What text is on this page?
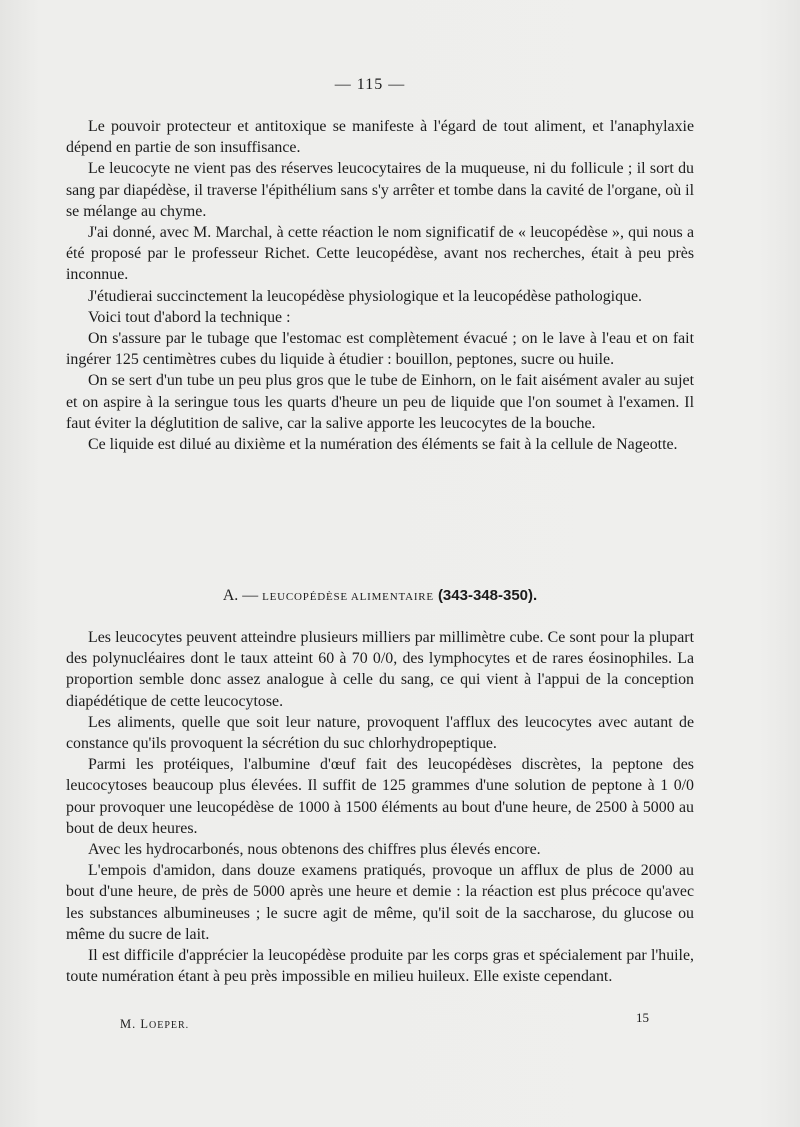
— 115 —

Le pouvoir protecteur et antitoxique se manifeste à l'égard de tout aliment, et l'anaphylaxie dépend en partie de son insuffisance.

Le leucocyte ne vient pas des réserves leucocytaires de la muqueuse, ni du follicule ; il sort du sang par diapédèse, il traverse l'épithélium sans s'y arrêter et tombe dans la cavité de l'organe, où il se mélange au chyme.

J'ai donné, avec M. Marchal, à cette réaction le nom significatif de « leucopédèse », qui nous a été proposé par le professeur Richet. Cette leucopédèse, avant nos recherches, était à peu près inconnue.

J'étudierai succinctement la leucopédèse physiologique et la leucopédèse pathologique.

Voici tout d'abord la technique :

On s'assure par le tubage que l'estomac est complètement évacué ; on le lave à l'eau et on fait ingérer 125 centimètres cubes du liquide à étudier : bouillon, peptones, sucre ou huile.

On se sert d'un tube un peu plus gros que le tube de Einhorn, on le fait aisément avaler au sujet et on aspire à la seringue tous les quarts d'heure un peu de liquide que l'on soumet à l'examen. Il faut éviter la déglutition de salive, car la salive apporte les leucocytes de la bouche.

Ce liquide est dilué au dixième et la numération des éléments se fait à la cellule de Nageotte.

A. — LEUCOPÉDÈSE ALIMENTAIRE (343-348-350).

Les leucocytes peuvent atteindre plusieurs milliers par millimètre cube. Ce sont pour la plupart des polynucléaires dont le taux atteint 60 à 70 0/0, des lymphocytes et de rares éosinophiles. La proportion semble donc assez analogue à celle du sang, ce qui vient à l'appui de la conception diapédétique de cette leucocytose.

Les aliments, quelle que soit leur nature, provoquent l'afflux des leucocytes avec autant de constance qu'ils provoquent la sécrétion du suc chlorhydropeptique.

Parmi les protéiques, l'albumine d'œuf fait des leucopédèses discrètes, la peptone des leucocytoses beaucoup plus élevées. Il suffit de 125 grammes d'une solution de peptone à 1 0/0 pour provoquer une leucopédèse de 1000 à 1500 éléments au bout d'une heure, de 2500 à 5000 au bout de deux heures.

Avec les hydrocarbonés, nous obtenons des chiffres plus élevés encore.

L'empois d'amidon, dans douze examens pratiqués, provoque un afflux de plus de 2000 au bout d'une heure, de près de 5000 après une heure et demie : la réaction est plus précoce qu'avec les substances albumineuses ; le sucre agit de même, qu'il soit de la saccharose, du glucose ou même du sucre de lait.

Il est difficile d'apprécier la leucopédèse produite par les corps gras et spécialement par l'huile, toute numération étant à peu près impossible en milieu huileux. Elle existe cependant.

M. LOEPER.
15
